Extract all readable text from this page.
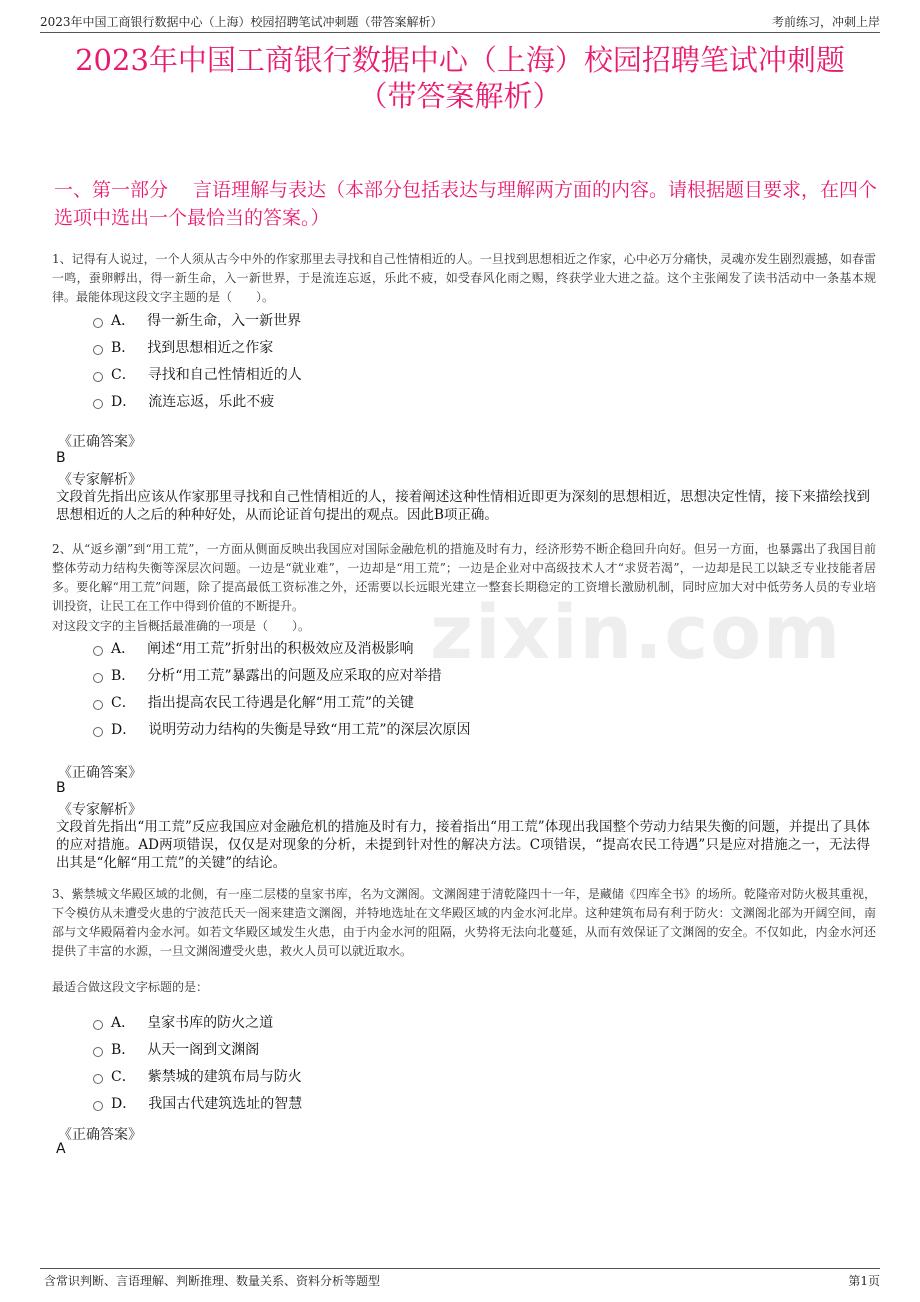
zixin.com
2023年中国工商银行数据中心（上海）校园招聘笔试冲刺题（带答案解析）	考前练习，冲刺上岸
2023年中国工商银行数据中心（上海）校园招聘笔试冲刺题
（带答案解析）
一、第一部分　 言语理解与表达（本部分包括表达与理解两方面的内容。请根据题目要求，在四个选项中选出一个最恰当的答案。）
1、记得有人说过，一个人须从古今中外的作家那里去寻找和自己性情相近的人。一旦找到思想相近之作家，心中必万分痛快，灵魂亦发生剧烈震撼，如春雷一鸣，蚕卵孵出，得一新生命，入一新世界，于是流连忘返，乐此不疲，如受春风化雨之赐，终获学业大进之益。这个主张阐发了读书活动中一条基本规律。最能体现这段文字主题的是（　　）。
A． 得一新生命，入一新世界
B． 找到思想相近之作家
C． 寻找和自己性情相近的人
D． 流连忘返，乐此不疲
《正确答案》
B
《专家解析》
文段首先指出应该从作家那里寻找和自己性情相近的人，接着阐述这种性情相近即更为深刻的思想相近，思想决定性情，接下来描绘找到思想相近的人之后的种种好处，从而论证首句提出的观点。因此B项正确。
2、从“返乡潮”到“用工荒”，一方面从侧面反映出我国应对国际金融危机的措施及时有力，经济形势不断企稳回升向好。但另一方面，也暴露出了我国目前整体劳动力结构失衡等深层次问题。一边是“就业难”，一边却是“用工荒”；一边是企业对中高级技术人才“求贤若渴”，一边却是民工以缺乏专业技能者居多。要化解“用工荒”问题，除了提高最低工资标准之外，还需要以长远眼光建立一整套长期稳定的工资增长激励机制，同时应加大对中低劳务人员的专业培训投资，让民工在工作中得到价值的不断提升。
对这段文字的主旨概括最准确的一项是（　　）。
A． 阐述“用工荒”折射出的积极效应及消极影响
B． 分析“用工荒”暴露出的问题及应采取的应对举措
C． 指出提高农民工待遇是化解“用工荒”的关键
D． 说明劳动力结构的失衡是导致“用工荒”的深层次原因
《正确答案》
B
《专家解析》
文段首先指出“用工荒”反应我国应对金融危机的措施及时有力，接着指出“用工荒”体现出我国整个劳动力结果失衡的问题，并提出了具体的应对措施。AD两项错误，仅仅是对现象的分析，未提到针对性的解决方法。C项错误，“提高农民工待遇”只是应对措施之一，无法得出其是“化解“用工荒”的关键”的结论。
3、紫禁城文华殿区域的北侧，有一座二层楼的皇家书库，名为文渊阁。文渊阁建于清乾隆四十一年，是藏储《四库全书》的场所。乾隆帝对防火极其重视，下令模仿从未遭受火患的宁波范氏天一阁来建造文渊阁，并特地选址在文华殿区域的内金水河北岸。这种建筑布局有利于防火：文渊阁北部为开阔空间，南部与文华殿隔着内金水河。如若文华殿区域发生火患，由于内金水河的阻隔，火势将无法向北蔓延，从而有效保证了文渊阁的安全。不仅如此，内金水河还提供了丰富的水源，一旦文渊阁遭受火患，救火人员可以就近取水。
最适合做这段文字标题的是：
A． 皇家书库的防火之道
B． 从天一阁到文渊阁
C． 紫禁城的建筑布局与防火
D． 我国古代建筑选址的智慧
《正确答案》
A
含常识判断、言语理解、判断推理、数量关系、资料分析等题型	第1页
